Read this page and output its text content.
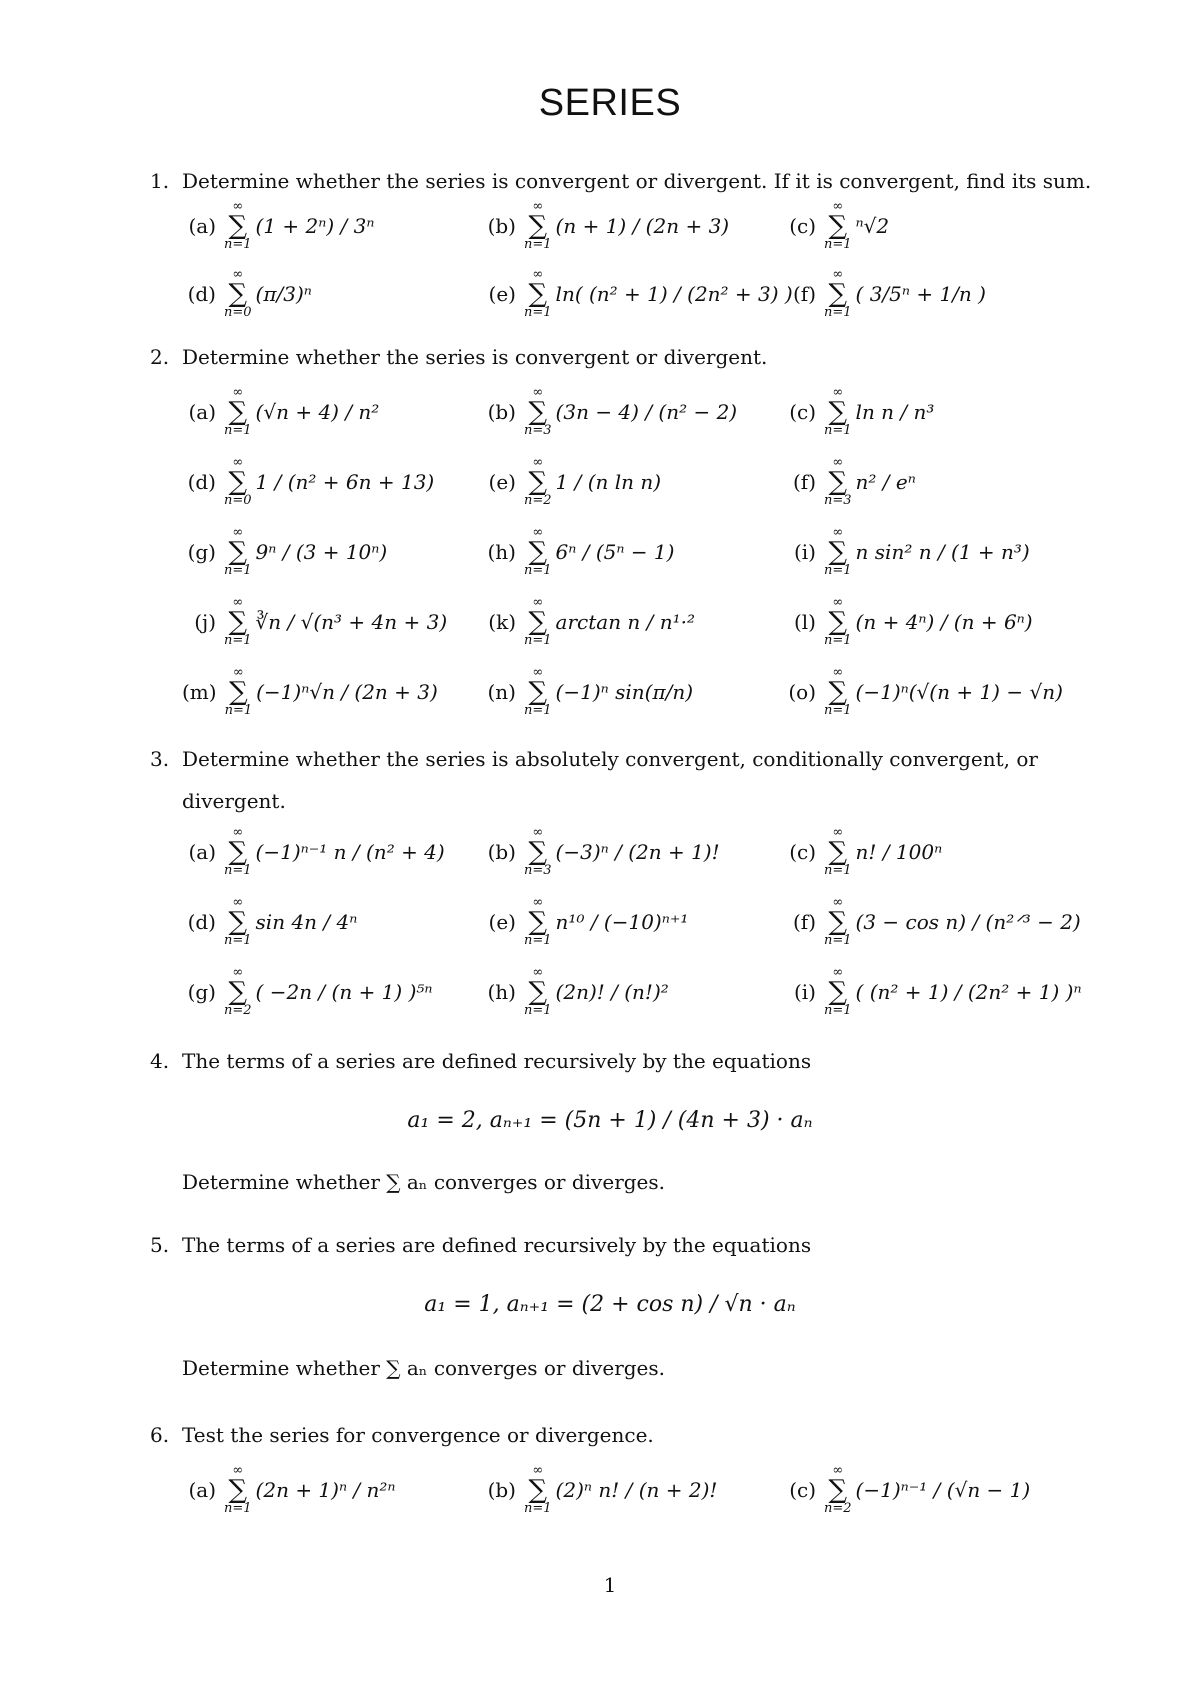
SERIES
1. Determine whether the series is convergent or divergent. If it is convergent, find its sum.
(a)
∞
∑
n=1
(1 + 2ⁿ) / 3ⁿ	(b)
∞
∑
n=1
(n + 1) / (2n + 3)	(c)
∞
∑
n=1
ⁿ√2
(d)
∞
∑
n=0
(π/3)ⁿ	(e)
∞
∑
n=1
ln( (n² + 1) / (2n² + 3) ) (f)
∞
∑
n=1
( 3/5ⁿ + 1/n )
2. Determine whether the series is convergent or divergent.
(a)
∞
∑
n=1
(√n + 4) / n²	(b)
∞
∑
n=3
(3n − 4) / (n² − 2)	(c)
∞
∑
n=1
ln n / n³
(d)
∞
∑
n=0
1 / (n² + 6n + 13)	(e)
∞
∑
n=2
1 / (n ln n)	(f)
∞
∑
n=3
n² / eⁿ
(g)
∞
∑
n=1
9ⁿ / (3 + 10ⁿ)	(h)
∞
∑
n=1
6ⁿ / (5ⁿ − 1)	(i)
∞
∑
n=1
n sin² n / (1 + n³)
(j)
∞
∑
n=1
∛n / √(n³ + 4n + 3)	(k)
∞
∑
n=1
arctan n / n¹·²	(l)
∞
∑
n=1
(n + 4ⁿ) / (n + 6ⁿ)
(m)
∞
∑
n=1
(−1)ⁿ√n / (2n + 3) (n)
∞
∑
n=1
(−1)ⁿ sin(π/n)	(o)
∞
∑
n=1
(−1)ⁿ(√(n + 1) − √n)
3. Determine whether the series is absolutely convergent, conditionally convergent, or divergent.
(a)
∞
∑
n=1
(−1)ⁿ⁻¹ n / (n² + 4) (b)
∞
∑
n=3
(−3)ⁿ / (2n + 1)!	(c)
∞
∑
n=1
n! / 100ⁿ
(d)
∞
∑
n=1
sin 4n / 4ⁿ	(e)
∞
∑
n=1
n¹⁰ / (−10)ⁿ⁺¹	(f)
∞
∑
n=1
(3 − cos n) / (n²ᐟ³ − 2)
(g)
∞
∑
n=2
( −2n / (n + 1) )⁵ⁿ	(h)
∞
∑
n=1
(2n)! / (n!)²	(i)
∞
∑
n=1
( (n² + 1) / (2n² + 1) )ⁿ
4. The terms of a series are defined recursively by the equations
a₁ = 2, aₙ₊₁ = (5n + 1) / (4n + 3) · aₙ
Determine whether ∑ aₙ converges or diverges.
5. The terms of a series are defined recursively by the equations
a₁ = 1, aₙ₊₁ = (2 + cos n) / √n · aₙ
Determine whether ∑ aₙ converges or diverges.
6. Test the series for convergence or divergence.
(a)
∞
∑
n=1
(2n + 1)ⁿ / n²ⁿ	(b)
∞
∑
n=1
(2)ⁿ n! / (n + 2)!	(c)
∞
∑
n=2
(−1)ⁿ⁻¹ / (√n − 1)
1
